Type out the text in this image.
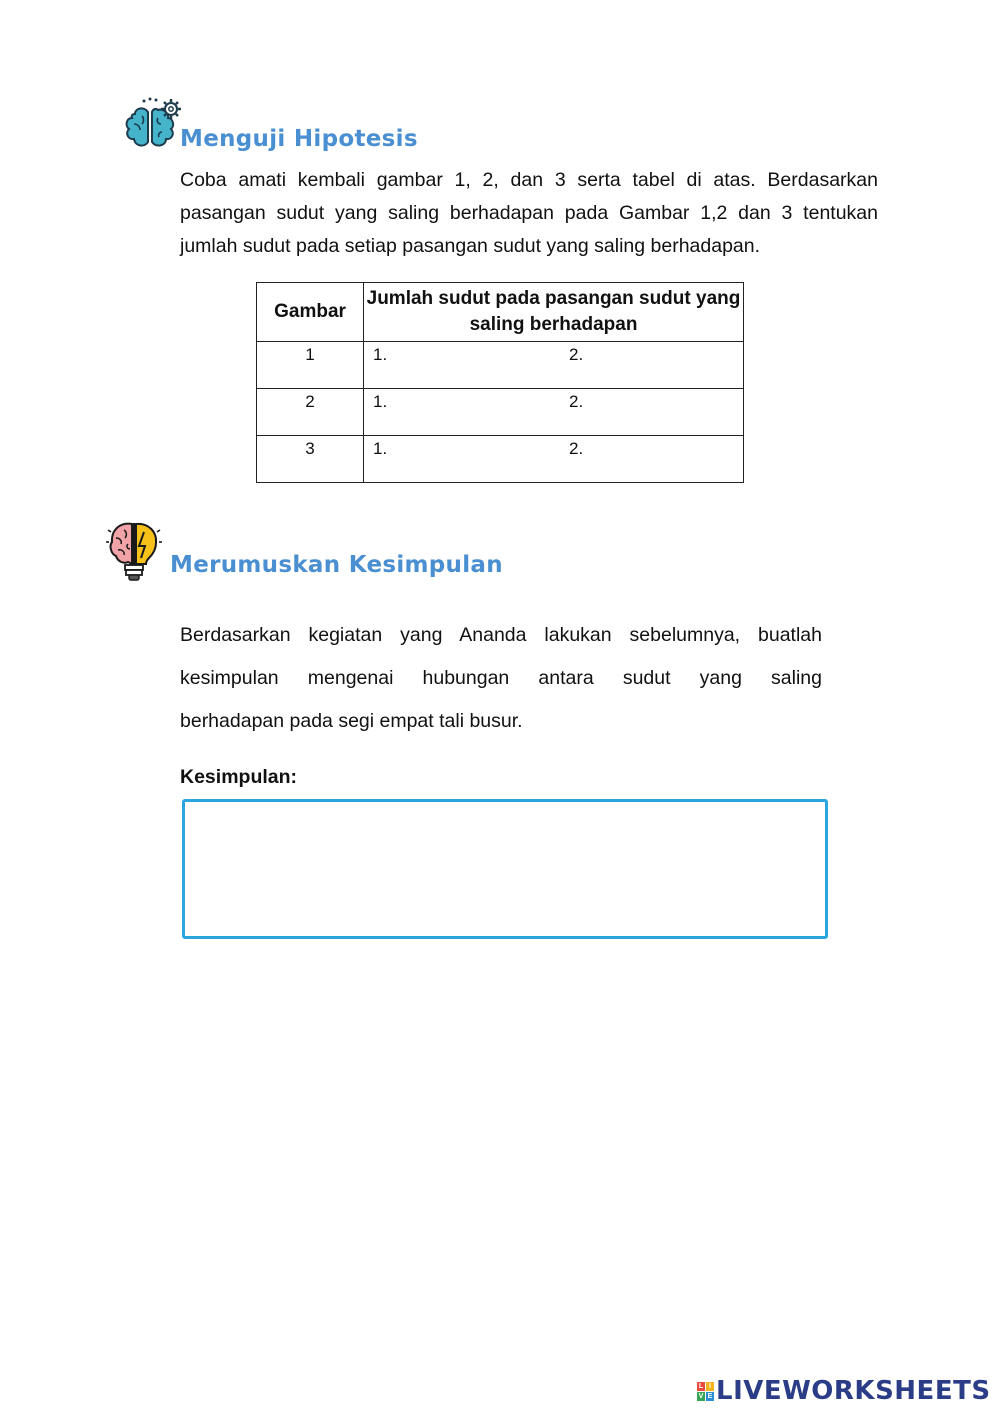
Menguji Hipotesis
Coba amati kembali gambar 1, 2, dan 3 serta tabel di atas. Berdasarkan
pasangan sudut yang saling berhadapan pada Gambar 1,2 dan 3 tentukan
jumlah sudut pada setiap pasangan sudut yang saling berhadapan.
Gambar	Jumlah sudut pada pasangan sudut yang saling berhadapan
1	1. 2.

2	1. 2.

3	1. 2.
Merumuskan Kesimpulan
Berdasarkan kegiatan yang Ananda lakukan sebelumnya, buatlah
kesimpulan mengenai hubungan antara sudut yang saling
berhadapan pada segi empat tali busur.
Kesimpulan:
L I
V E LIVEWORKSHEETS
